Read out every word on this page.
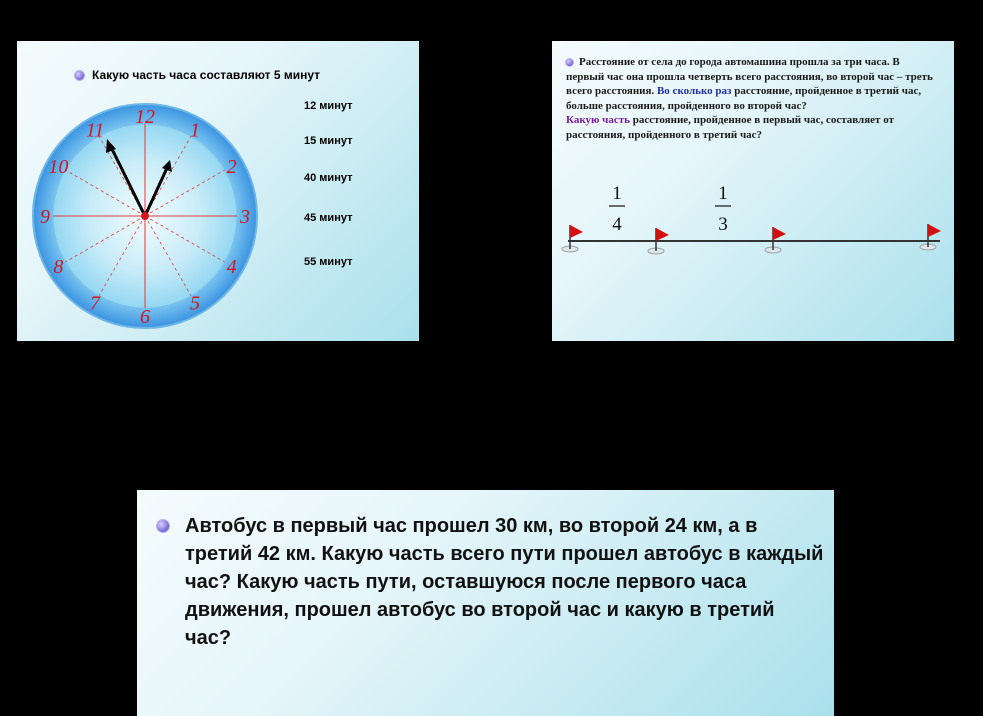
12
1
2
3
4
5
6
7
8
9
10
11
Какую часть часа составляют 5 минут
12 минут
15 минут
40 минут
45 минут
55 минут
Расстояние от села до города автомашина прошла за три часа. В первый час она прошла четверть всего расстояния, во второй час – треть всего расстояния. Во сколько раз расстояние, пройденное в третий час, больше расстояния, пройденного во второй час?
Какую часть расстояние, пройденное в первый час, составляет от расстояния, пройденного в третий час?
1
4
1
3
Автобус в первый час прошел 30 км, во второй 24 км, а в третий 42 км. Какую часть всего пути прошел автобус в каждый час? Какую часть пути, оставшуюся после первого часа движения, прошел автобус во второй час и какую в третий час?
